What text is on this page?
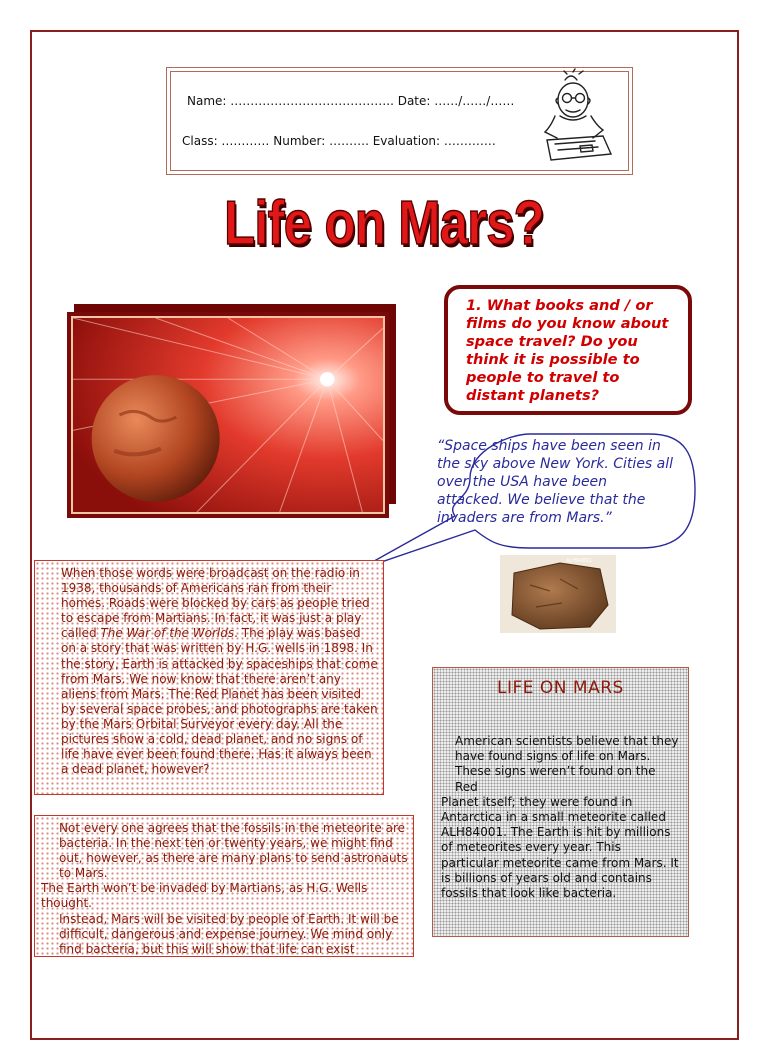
Name: ………………………………….. Date: ……/……/……
Class: ………… Number: ………. Evaluation: ………….
Life on Mars?

1. What books and / or films do you know about space travel? Do you think it is possible to people to travel to distant planets?

“Space ships have been seen in the sky above New York. Cities all over the USA have been attacked. We believe that the invaders are from Mars.”
ALH84001

When those words were broadcast on the radio in 1938, thousands of Americans ran from their homes. Roads were blocked by cars as people tried to escape from Martians. In fact, it was just a play called The War of the Worlds. The play was based on a story that was written by H.G. wells in 1898. In the story, Earth is attacked by spaceships that come from Mars. We now know that there aren’t any aliens from Mars. The Red Planet has been visited by several space probes, and photographs are taken by the Mars Orbital Surveyor every day. All the pictures show a cold, dead planet, and no signs of life have ever been found there. Has it always been a dead planet, however?

Not every one agrees that the fossils in the meteorite are bacteria. In the next ten or twenty years, we might find out, however, as there are many plans to send astronauts to Mars.

The Earth won’t be invaded by Martians, as H.G. Wells thought.

Instead, Mars will be visited by people of Earth. It will be difficult, dangerous and expense journey. We mind only find bacteria, but this will show that life can exist

LIFE ON MARS

American scientists believe that they have found signs of life on Mars. These signs weren’t found on the Red

Planet itself; they were found in Antarctica in a small meteorite called ALH84001. The Earth is hit by millions of meteorites every year. This particular meteorite came from Mars. It is billions of years old and contains fossils that look like bacteria.
